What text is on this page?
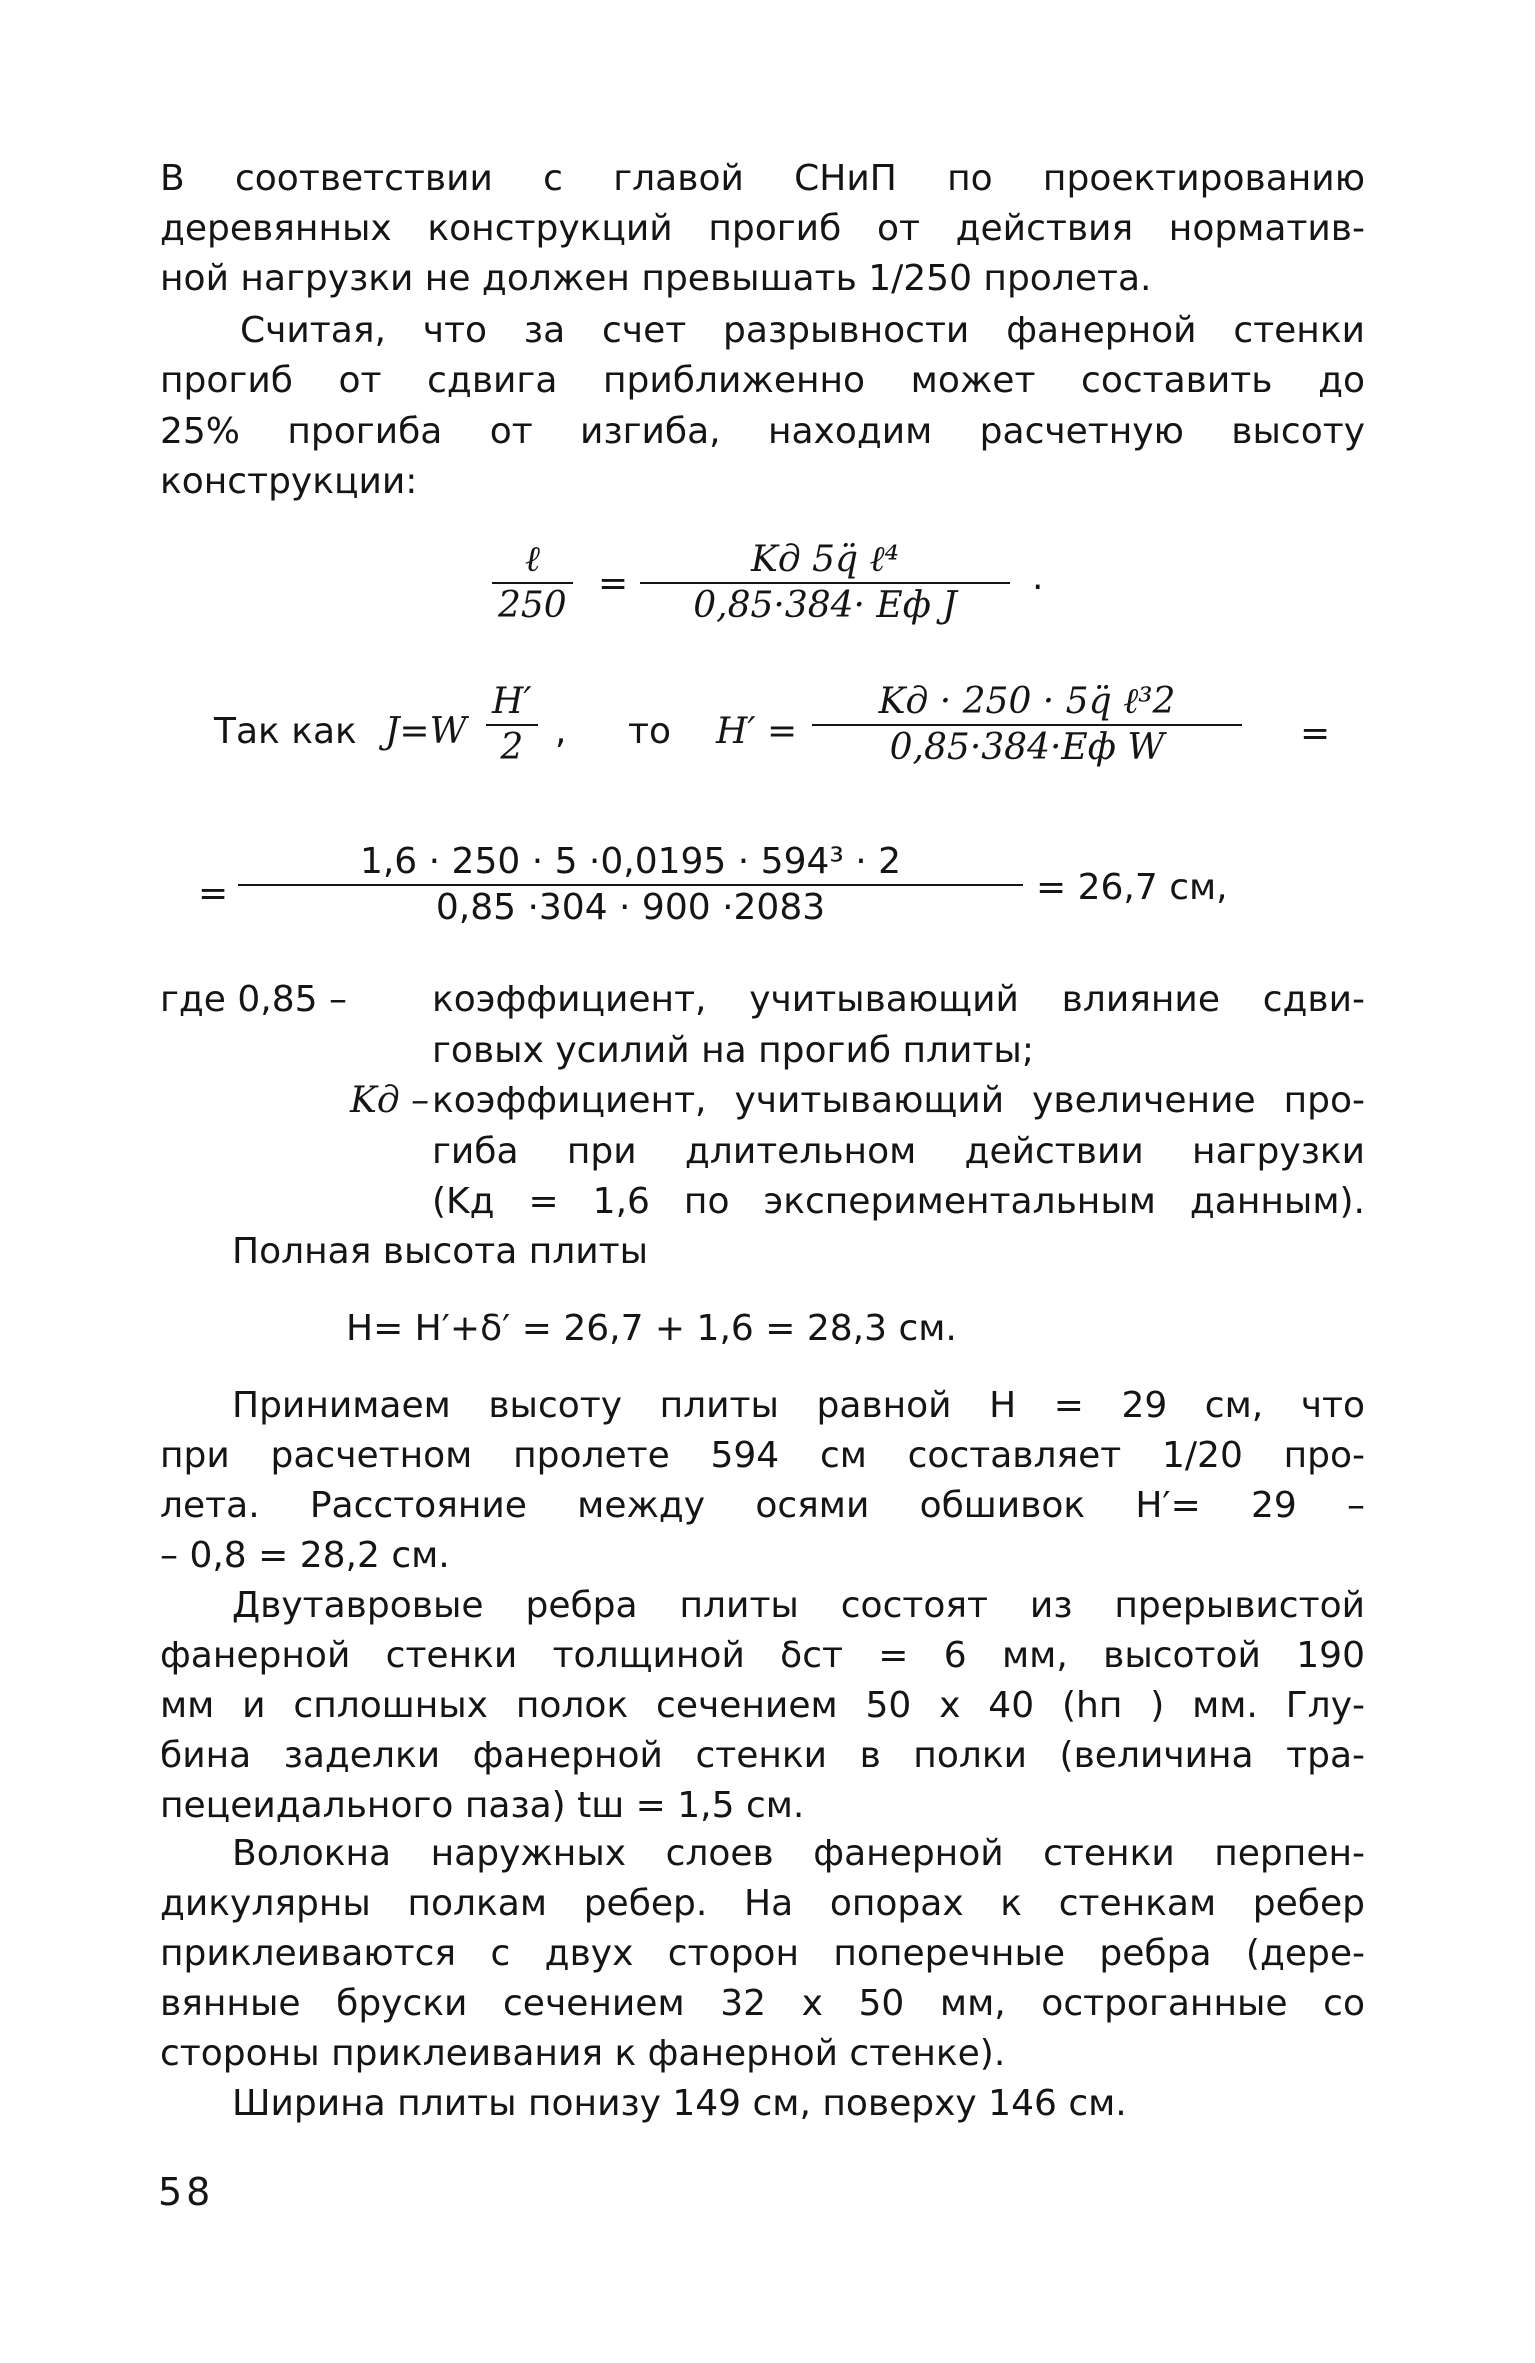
В соответствии с главой СНиП по проектированию
деревянных конструкций прогиб от действия норматив-
ной нагрузки не должен превышать 1/250 пролета.
Считая, что за счет разрывности фанерной стенки
прогиб от сдвига приближенно может составить до
25% прогиба от изгиба, находим расчетную высоту
конструкции:
ℓ
250
=
Kд 5q̈ ℓ⁴
0,85·384· Eф J
.
Так как J=W
H′
2 , то H′ =
Kд · 250 · 5q̈ ℓ³2
0,85·384·Eф W	=
=
1,6 · 250 · 5 ·0,0195 · 594³ · 2
0,85 ·304 · 900 ·2083	= 26,7 см,
где 0,85 – коэффициент, учитывающий влияние сдви-
говых усилий на прогиб плиты;
Kд – коэффициент, учитывающий увеличение про-
гиба при длительном действии нагрузки
(Kд = 1,6 по экспериментальным данным).
Полная высота плиты
H= H′+δ′ = 26,7 + 1,6 = 28,3 см.
Принимаем высоту плиты равной H = 29 см, что
при расчетном пролете 594 см составляет 1/20 про-
лета. Расстояние между осями обшивок H′= 29 –
– 0,8 = 28,2 см.
Двутавровые ребра плиты состоят из прерывистой
фанерной стенки толщиной δст = 6 мм, высотой 190
мм и сплошных полок сечением 50 x 40 (hп ) мм. Глу-
бина заделки фанерной стенки в полки (величина тра-
пецеидального паза) tш = 1,5 см.
Волокна наружных слоев фанерной стенки перпен-
дикулярны полкам ребер. На опорах к стенкам ребер
приклеиваются с двух сторон поперечные ребра (дере-
вянные бруски сечением 32 x 50 мм, остроганные со
стороны приклеивания к фанерной стенке).
Ширина плиты понизу 149 см, поверху 146 см.
58
